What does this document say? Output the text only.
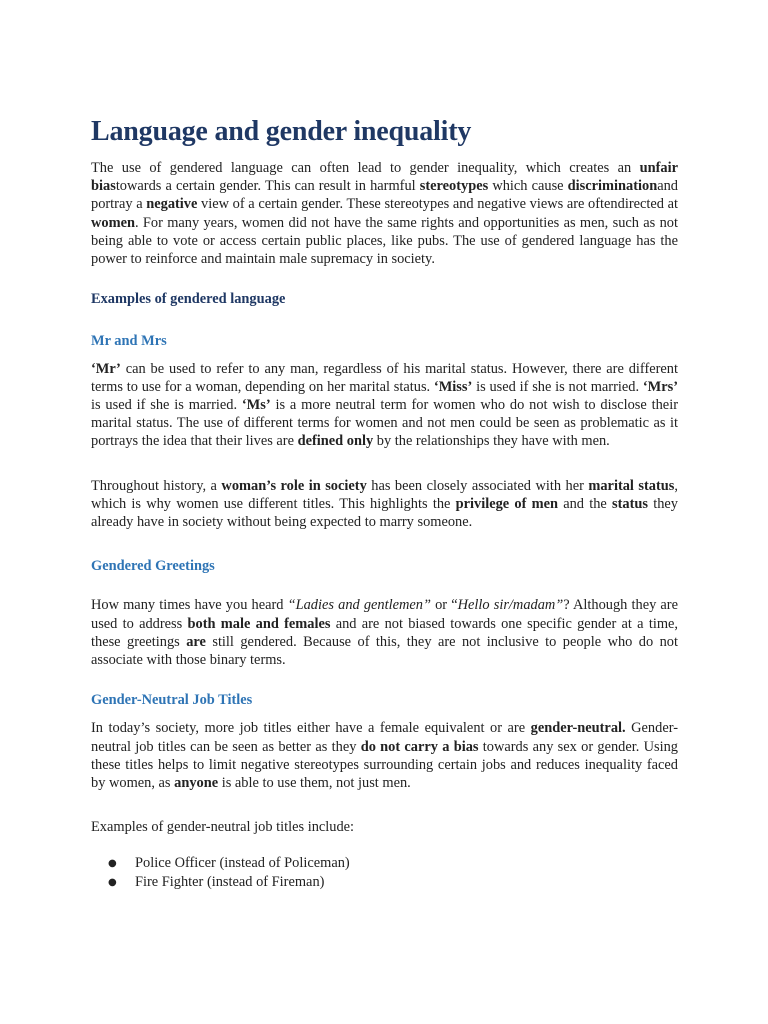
Language and gender inequality

The use of gendered language can often lead to gender inequality, which creates an unfair biastowards a certain gender. This can result in harmful stereotypes which cause discriminationand portray a negative view of a certain gender. These stereotypes and negative views are oftendirected at women. For many years, women did not have the same rights and opportunities as men, such as not being able to vote or access certain public places, like pubs. The use of gendered language has the power to reinforce and maintain male supremacy in society.

Examples of gendered language
Mr and Mrs

‘Mr’ can be used to refer to any man, regardless of his marital status. However, there are different terms to use for a woman, depending on her marital status. ‘Miss’ is used if she is not married. ‘Mrs’ is used if she is married. ‘Ms’ is a more neutral term for women who do not wish to disclose their marital status. The use of different terms for women and not men could be seen as problematic as it portrays the idea that their lives are defined only by the relationships they have with men.

Throughout history, a woman’s role in society has been closely associated with her marital status, which is why women use different titles. This highlights the privilege of men and the status they already have in society without being expected to marry someone.

Gendered Greetings

How many times have you heard “Ladies and gentlemen” or “Hello sir/madam”? Although they are used to address both male and females and are not biased towards one specific gender at a time, these greetings are still gendered. Because of this, they are not inclusive to people who do not associate with those binary terms.

Gender-Neutral Job Titles

In today’s society, more job titles either have a female equivalent or are gender-neutral. Gender-neutral job titles can be seen as better as they do not carry a bias towards any sex or gender. Using these titles helps to limit negative stereotypes surrounding certain jobs and reduces inequality faced by women, as anyone is able to use them, not just men.

Examples of gender-neutral job titles include:

● Police Officer (instead of Policeman)
● Fire Fighter (instead of Fireman)
